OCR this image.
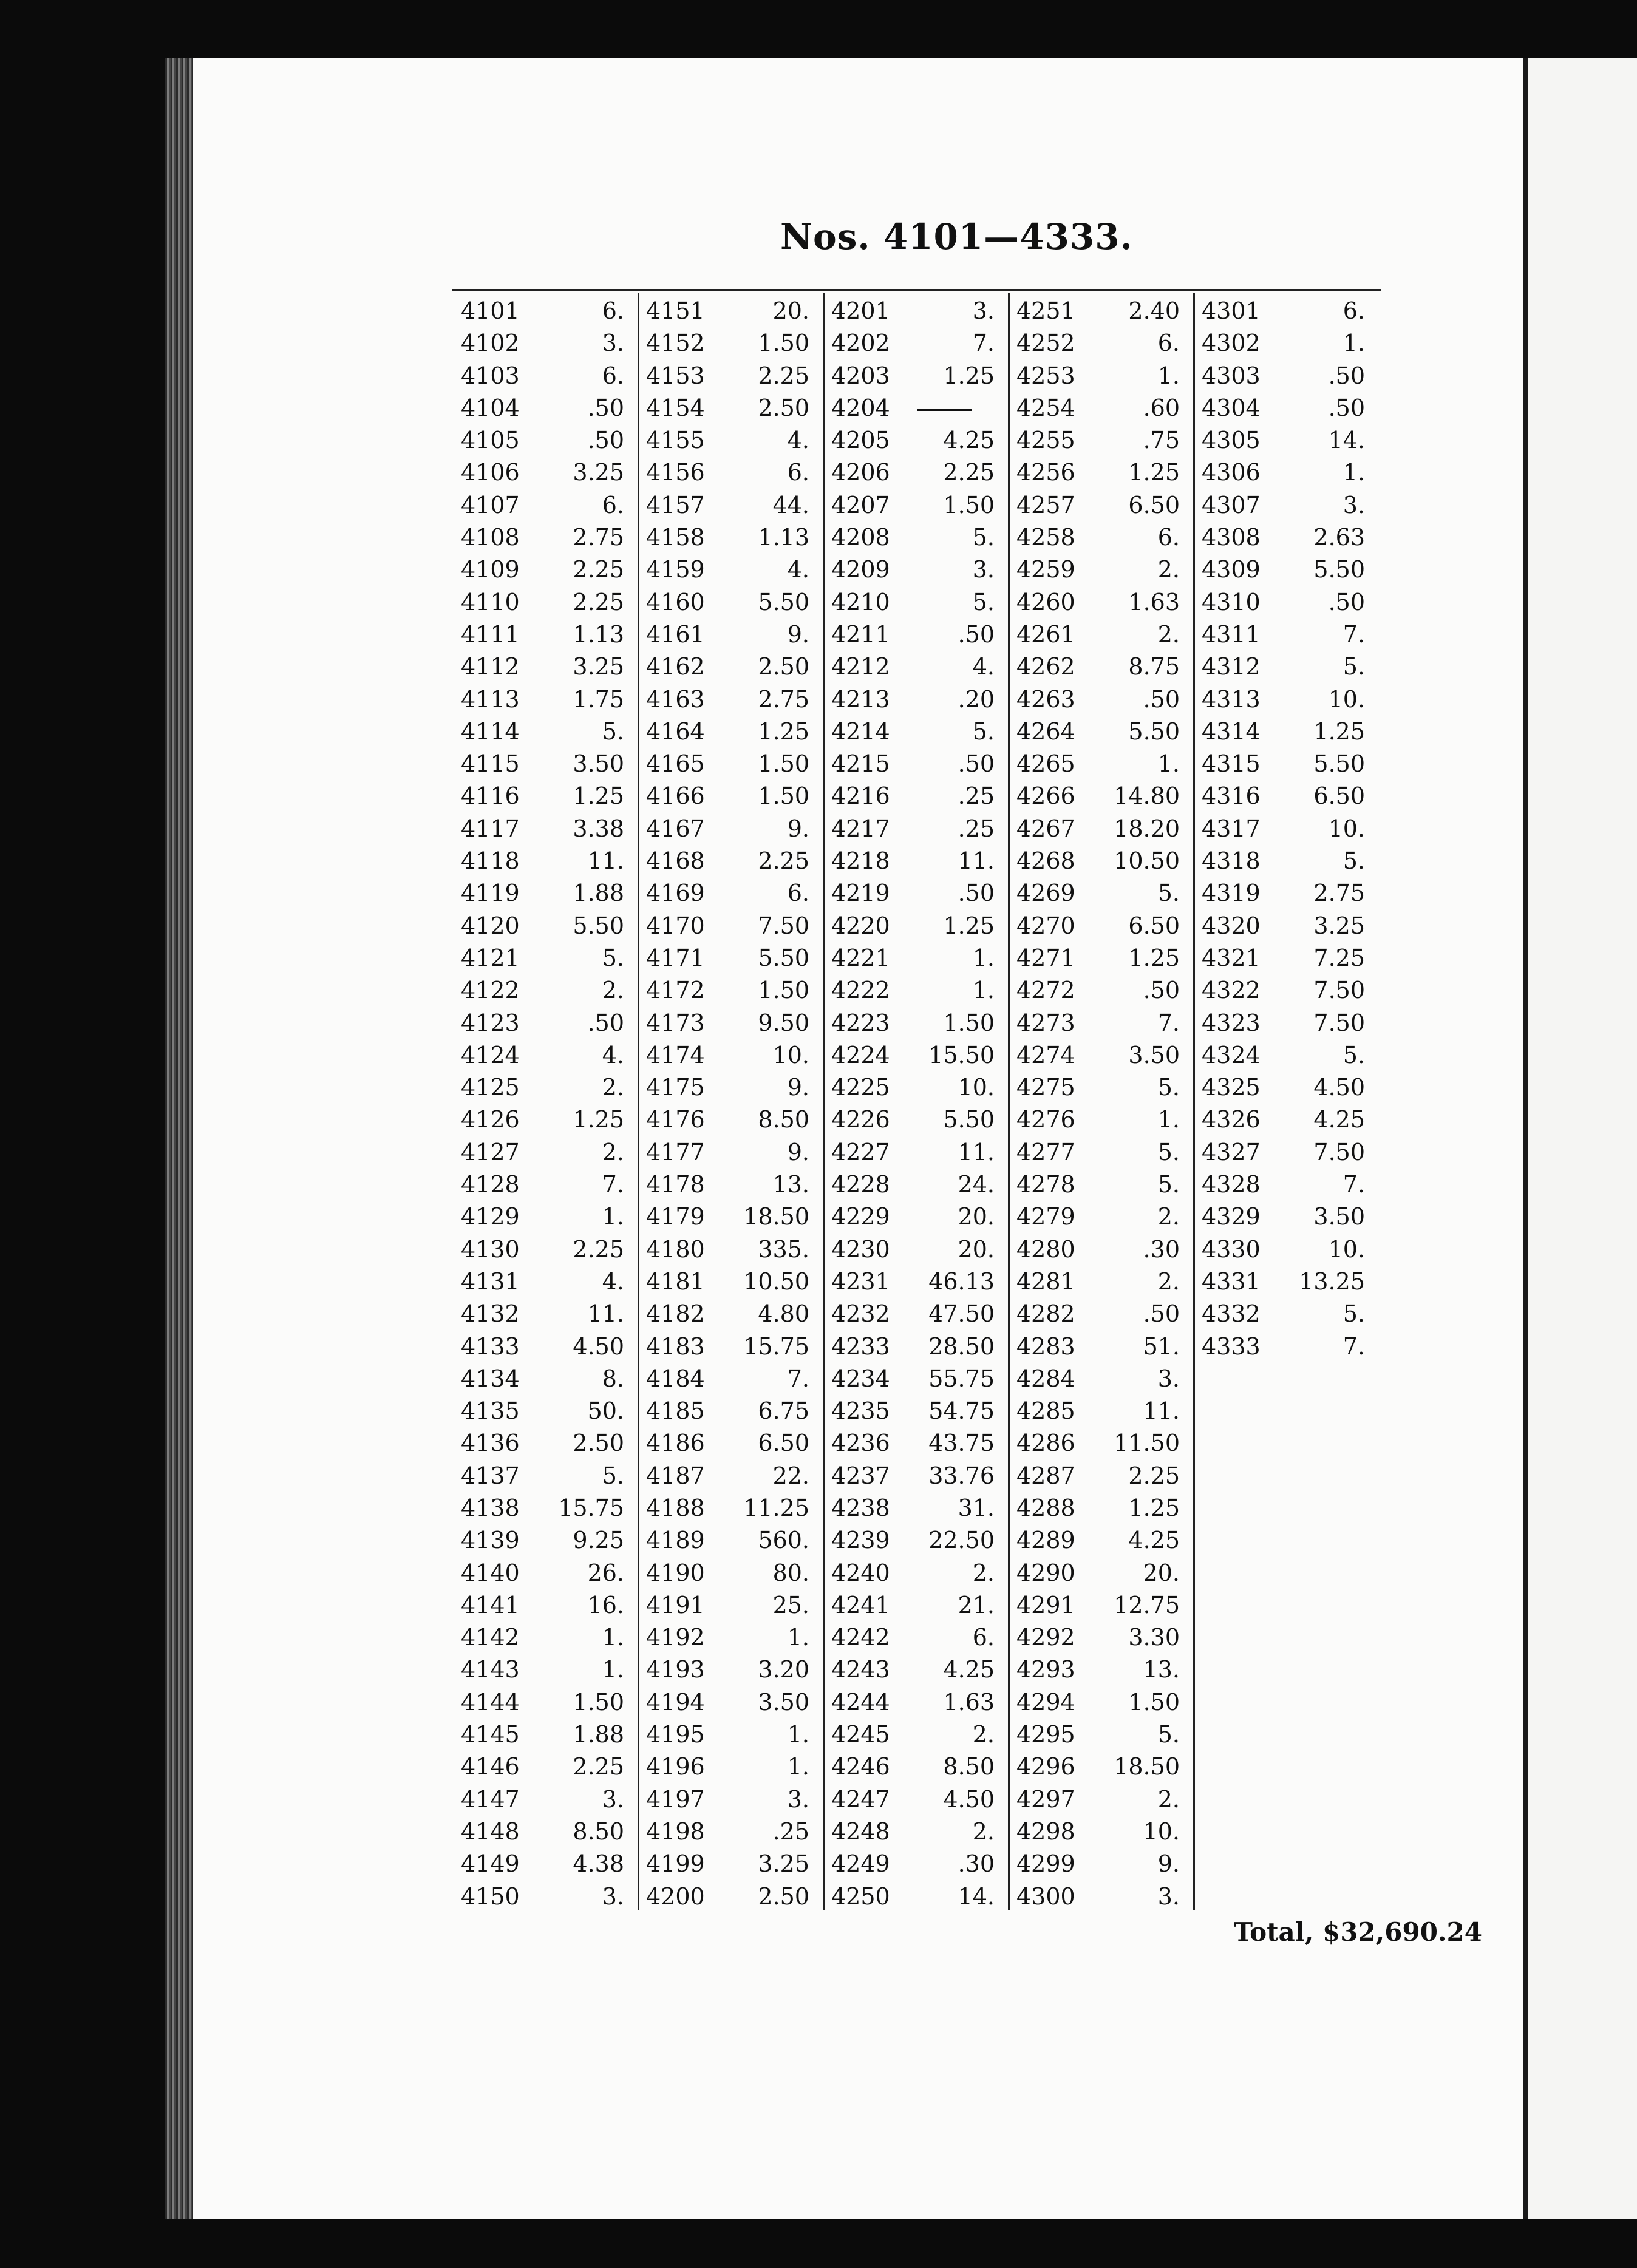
Nos. 4101—4333.
4101	6.
4102	3.
4103	6.
4104	.50
4105	.50
4106 3.25
4107	6.
4108 2.75
4109 2.25
4110 2.25
4111 1.13
4112 3.25
4113 1.75
4114	5.
4115 3.50
4116 1.25
4117 3.38
4118	11.
4119 1.88
4120 5.50
4121	5.
4122	2.
4123	.50
4124	4.
4125	2.
4126 1.25
4127	2.
4128	7.
4129	1.
4130 2.25
4131	4.
4132	11.
4133 4.50
4134	8.
4135	50.
4136 2.50
4137	5.
4138 15.75
4139 9.25
4140	26.
4141	16.
4142	1.
4143	1.
4144 1.50
4145 1.88
4146 2.25
4147	3.
4148 8.50
4149 4.38
4150	3.
4151	20.
4152 1.50
4153 2.25
4154 2.50
4155	4.
4156	6.
4157	44.
4158 1.13
4159	4.
4160 5.50
4161	9.
4162 2.50
4163 2.75
4164 1.25
4165 1.50
4166 1.50
4167	9.
4168 2.25
4169	6.
4170 7.50
4171 5.50
4172 1.50
4173 9.50
4174	10.
4175	9.
4176 8.50
4177	9.
4178	13.
4179 18.50
4180 335.
4181 10.50
4182 4.80
4183 15.75
4184	7.
4185 6.75
4186 6.50
4187	22.
4188 11.25
4189 560.
4190	80.
4191	25.
4192	1.
4193 3.20
4194 3.50
4195	1.
4196	1.
4197	3.
4198	.25
4199 3.25
4200 2.50
4201	3.
4202	7.
4203 1.25
4204
4205 4.25
4206 2.25
4207 1.50
4208	5.
4209	3.
4210	5.
4211	.50
4212	4.
4213	.20
4214	5.
4215	.50
4216	.25
4217	.25
4218	11.
4219	.50
4220 1.25
4221	1.
4222	1.
4223 1.50
4224 15.50
4225	10.
4226 5.50
4227	11.
4228	24.
4229	20.
4230	20.
4231 46.13
4232 47.50
4233 28.50
4234 55.75
4235 54.75
4236 43.75
4237 33.76
4238	31.
4239 22.50
4240	2.
4241	21.
4242	6.
4243 4.25
4244 1.63
4245	2.
4246 8.50
4247 4.50
4248	2.
4249	.30
4250	14.
4251 2.40
4252	6.
4253	1.
4254	.60
4255	.75
4256 1.25
4257 6.50
4258	6.
4259	2.
4260 1.63
4261	2.
4262 8.75
4263	.50
4264 5.50
4265	1.
4266 14.80
4267 18.20
4268 10.50
4269	5.
4270 6.50
4271 1.25
4272	.50
4273	7.
4274 3.50
4275	5.
4276	1.
4277	5.
4278	5.
4279	2.
4280	.30
4281	2.
4282	.50
4283	51.
4284	3.
4285	11.
4286 11.50
4287 2.25
4288 1.25
4289 4.25
4290	20.
4291 12.75
4292 3.30
4293	13.
4294 1.50
4295	5.
4296 18.50
4297	2.
4298	10.
4299	9.
4300	3.
4301	6.
4302	1.
4303	.50
4304	.50
4305	14.
4306	1.
4307	3.
4308 2.63
4309 5.50
4310	.50
4311	7.
4312	5.
4313	10.
4314 1.25
4315 5.50
4316 6.50
4317	10.
4318	5.
4319 2.75
4320 3.25
4321 7.25
4322 7.50
4323 7.50
4324	5.
4325 4.50
4326 4.25
4327 7.50
4328	7.
4329 3.50
4330	10.
4331 13.25
4332	5.
4333	7.
Total, $32,690.24
